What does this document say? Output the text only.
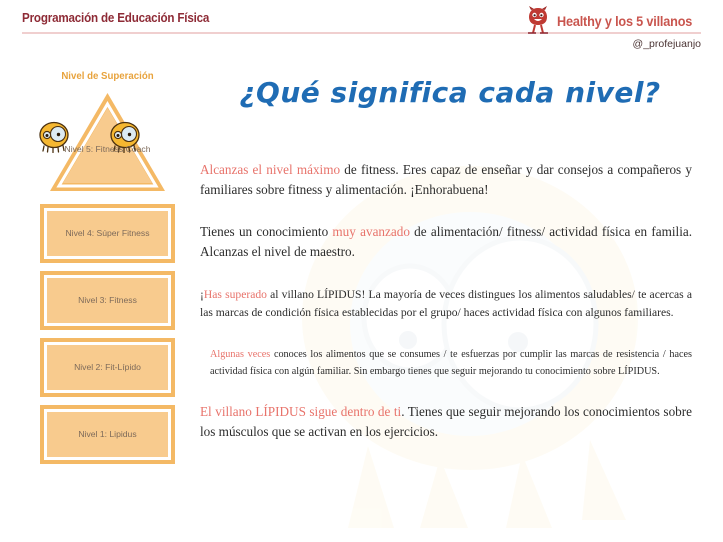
Programación de Educación Física	Healthy y los 5 villanos
@_profejuanjo
¿Qué significa cada nivel?
Nivel de Superación
Nivel 5: Fitness Coach
Nivel 4: Súper Fitness
Nivel 3: Fitness
Nivel 2: Fit-Lípido
Nivel 1: Lipidus

Alcanzas el nivel máximo de fitness. Eres capaz de enseñar y dar consejos a compañeros y familiares sobre fitness y alimentación. ¡Enhorabuena!

Tienes un conocimiento muy avanzado de alimentación/ fitness/ actividad física en familia. Alcanzas el nivel de maestro.

¡Has superado al villano LÍPIDUS! La mayoría de veces distingues los alimentos saludables/ te acercas a las marcas de condición física establecidas por el grupo/ haces actividad física con algunos familiares.

Algunas veces conoces los alimentos que se consumes / te esfuerzas por cumplir las marcas de resistencia / haces actividad física con algún familiar. Sin embargo tienes que seguir mejorando tu conocimiento sobre LÍPIDUS.

El villano LÍPIDUS sigue dentro de ti. Tienes que seguir mejorando los conocimientos sobre los músculos que se activan en los ejercicios.
